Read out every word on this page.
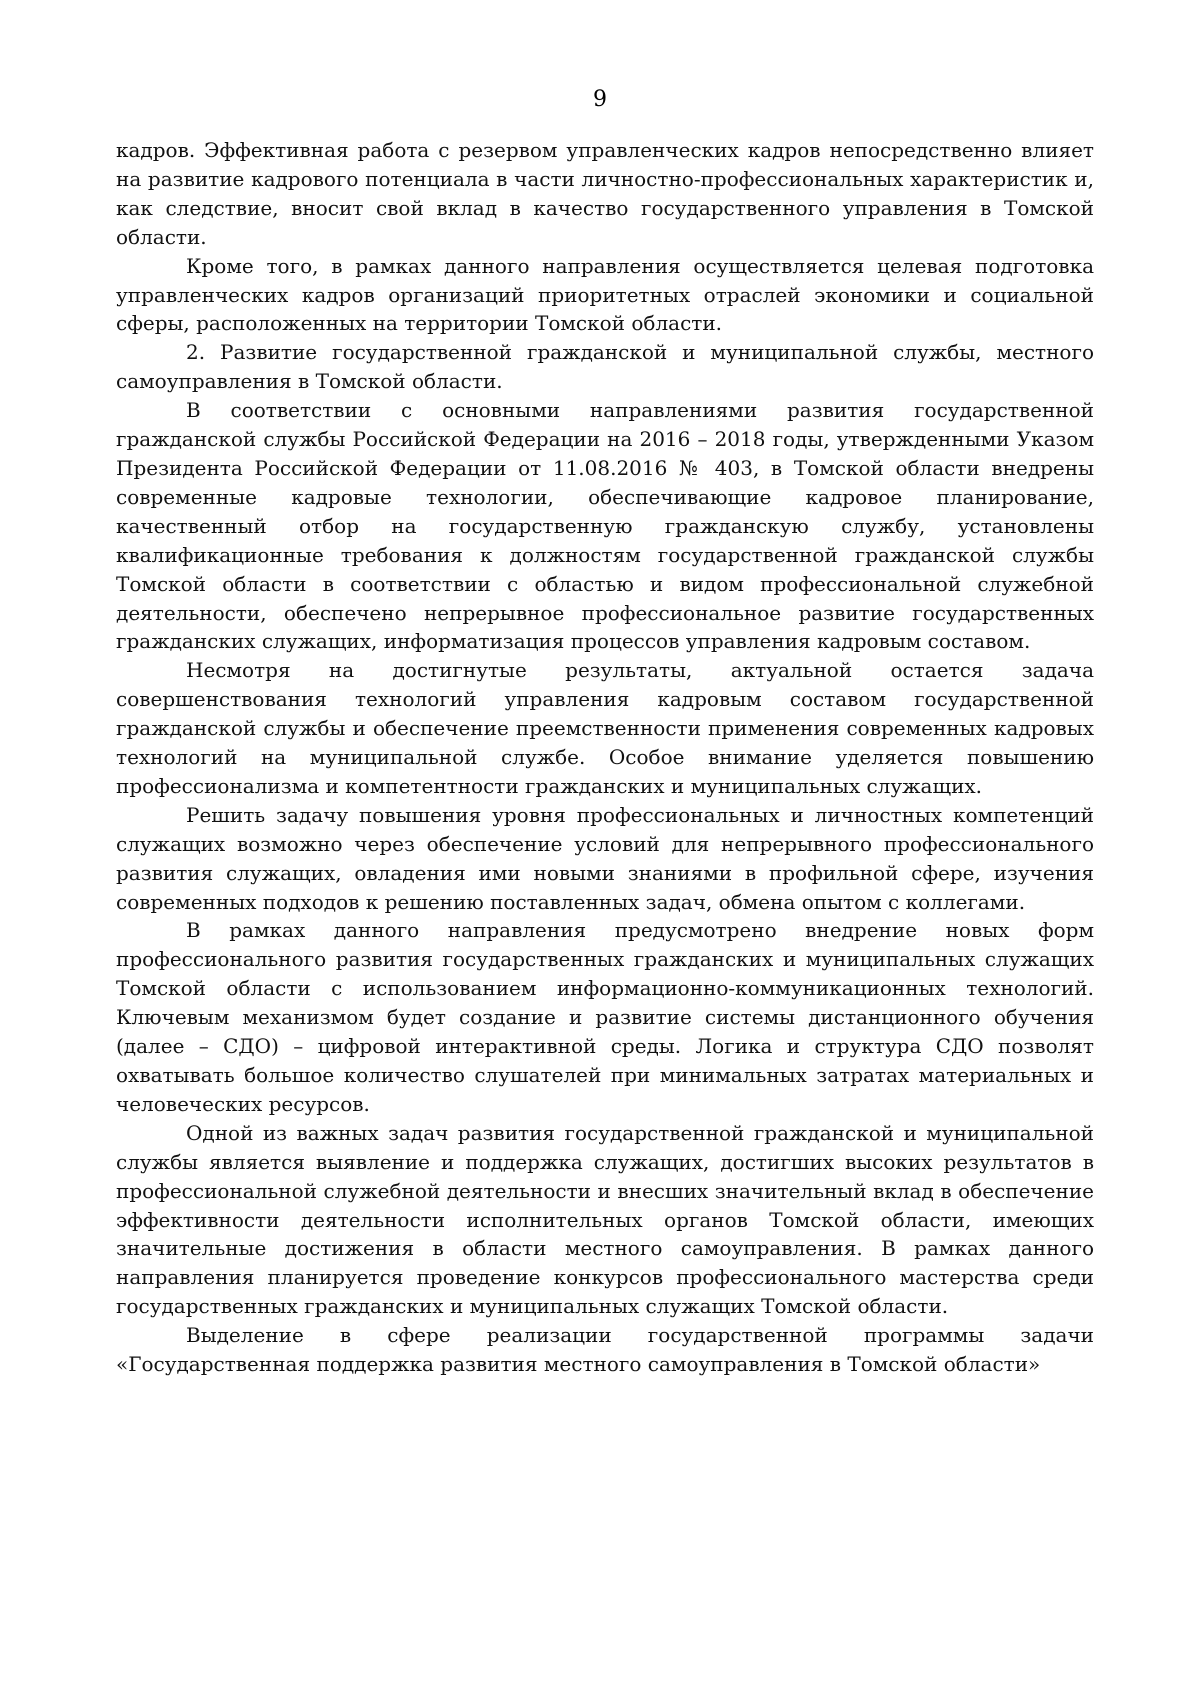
9

кадров. Эффективная работа с резервом управленческих кадров непосредственно влияет на развитие кадрового потенциала в части личностно-профессиональных характеристик и, как следствие, вносит свой вклад в качество государственного управления в Томской области.

Кроме того, в рамках данного направления осуществляется целевая подготовка управленческих кадров организаций приоритетных отраслей экономики и социальной сферы, расположенных на территории Томской области.

2. Развитие государственной гражданской и муниципальной службы, местного самоуправления в Томской области.

В соответствии с основными направлениями развития государственной гражданской службы Российской Федерации на 2016 – 2018 годы, утвержденными Указом Президента Российской Федерации от 11.08.2016 № 403, в Томской области внедрены современные кадровые технологии, обеспечивающие кадровое планирование, качественный отбор на государственную гражданскую службу, установлены квалификационные требования к должностям государственной гражданской службы Томской области в соответствии с областью и видом профессиональной служебной деятельности, обеспечено непрерывное профессиональное развитие государственных гражданских служащих, информатизация процессов управления кадровым составом.

Несмотря на достигнутые результаты, актуальной остается задача совершенствования технологий управления кадровым составом государственной гражданской службы и обеспечение преемственности применения современных кадровых технологий на муниципальной службе. Особое внимание уделяется повышению профессионализма и компетентности гражданских и муниципальных служащих.

Решить задачу повышения уровня профессиональных и личностных компетенций служащих возможно через обеспечение условий для непрерывного профессионального развития служащих, овладения ими новыми знаниями в профильной сфере, изучения современных подходов к решению поставленных задач, обмена опытом с коллегами.

В рамках данного направления предусмотрено внедрение новых форм профессионального развития государственных гражданских и муниципальных служащих Томской области с использованием информационно-коммуникационных технологий. Ключевым механизмом будет создание и развитие системы дистанционного обучения (далее – СДО) – цифровой интерактивной среды. Логика и структура СДО позволят охватывать большое количество слушателей при минимальных затратах материальных и человеческих ресурсов.

Одной из важных задач развития государственной гражданской и муниципальной службы является выявление и поддержка служащих, достигших высоких результатов в профессиональной служебной деятельности и внесших значительный вклад в обеспечение эффективности деятельности исполнительных органов Томской области, имеющих значительные достижения в области местного самоуправления. В рамках данного направления планируется проведение конкурсов профессионального мастерства среди государственных гражданских и муниципальных служащих Томской области.

Выделение в сфере реализации государственной программы задачи «Государственная поддержка развития местного самоуправления в Томской области»
